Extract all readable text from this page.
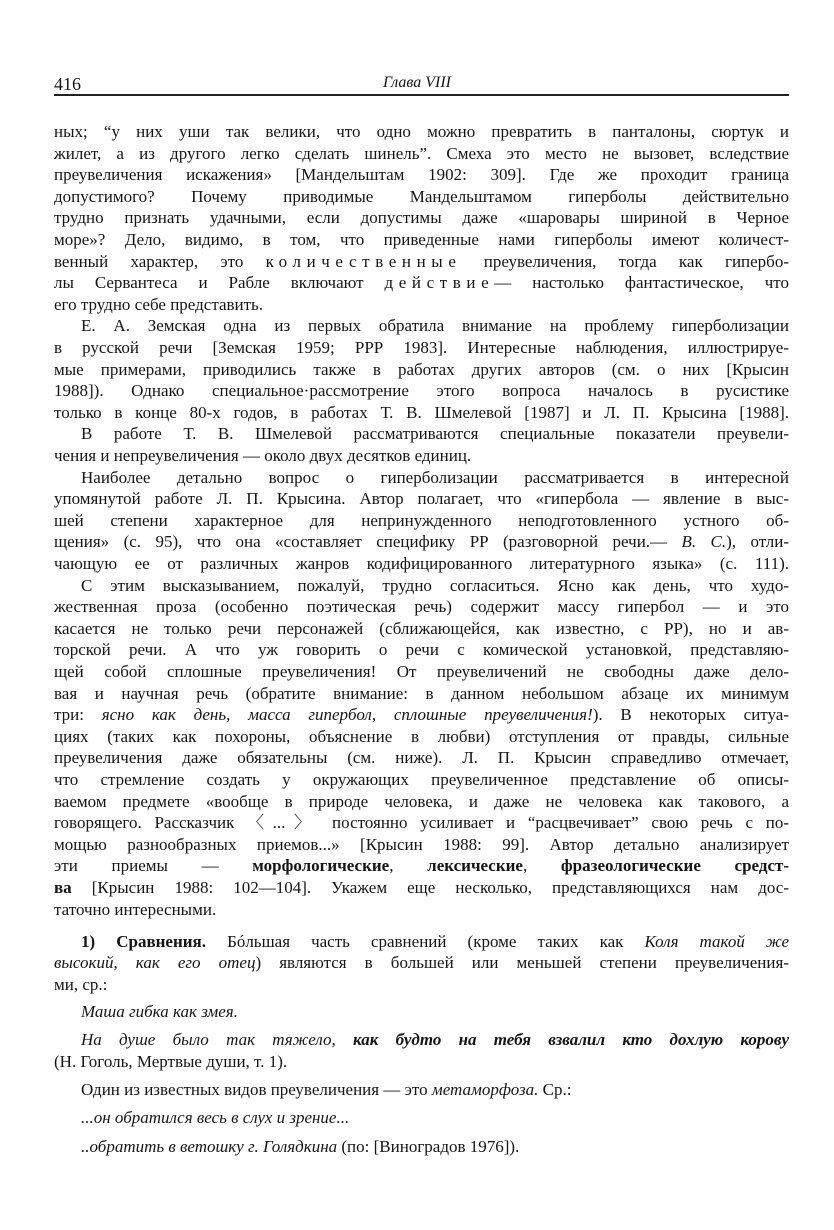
416	Глава VIII
ных; “у них уши так велики, что одно можно превратить в панталоны, сюртук и
жилет, а из другого легко сделать шинель”. Смеха это место не вызовет, вследствие
преувеличения искажения» [Мандельштам 1902: 309]. Где же проходит граница
допустимого? Почему приводимые Мандельштамом гиперболы действительно
трудно признать удачными, если допустимы даже «шаровары шириной в Черное
море»? Дело, видимо, в том, что приведенные нами гиперболы имеют количест-
венный характер, это количественные преувеличения, тогда как гипербо-
лы Сервантеса и Рабле включают действие— настолько фантастическое, что
его трудно себе представить.
Е. А. Земская одна из первых обратила внимание на проблему гиперболизации
в русской речи [Земская 1959; РРР 1983]. Интересные наблюдения, иллюстрируе-
мые примерами, приводились также в работах других авторов (см. о них [Крысин
1988]). Однако специальное·рассмотрение этого вопроса началось в русистике
только в конце 80-х годов, в работах Т. В. Шмелевой [1987] и Л. П. Крысина [1988].
В работе Т. В. Шмелевой рассматриваются специальные показатели преувели-
чения и непреувеличения — около двух десятков единиц.
Наиболее детально вопрос о гиперболизации рассматривается в интересной
упомянутой работе Л. П. Крысина. Автор полагает, что «гипербола — явление в выс-
шей степени характерное для непринужденного неподготовленного устного об-
щения» (с. 95), что она «составляет специфику РР (разговорной речи.— В. С.), отли-
чающую ее от различных жанров кодифицированного литературного языка» (с. 111).
С этим высказыванием, пожалуй, трудно согласиться. Ясно как день, что худо-
жественная проза (особенно поэтическая речь) содержит массу гипербол — и это
касается не только речи персонажей (сближающейся, как известно, с РР), но и ав-
торской речи. А что уж говорить о речи с комической установкой, представляю-
щей собой сплошные преувеличения! От преувеличений не свободны даже дело-
вая и научная речь (обратите внимание: в данном небольшом абзаце их минимум
три: ясно как день, масса гипербол, сплошные преувеличения!). В некоторых ситуа-
циях (таких как похороны, объяснение в любви) отступления от правды, сильные
преувеличения даже обязательны (см. ниже). Л. П. Крысин справедливо отмечает,
что стремление создать у окружающих преувеличенное представление об описы-
ваемом предмете «вообще в природе человека, и даже не человека как такового, а
говорящего. Рассказчик 〈...〉 постоянно усиливает и “расцвечивает” свою речь с по-
мощью разнообразных приемов...» [Крысин 1988: 99]. Автор детально анализирует
эти приемы — морфологические, лексические, фразеологические средст-
ва [Крысин 1988: 102—104]. Укажем еще несколько, представляющихся нам дос-
таточно интересными.
1) Сравнения. Бóльшая часть сравнений (кроме таких как Коля такой же
высокий, как его отец) являются в большей или меньшей степени преувеличения-
ми, ср.:
Маша гибка как змея.
На душе было так тяжело, как будто на тебя взвалил кто дохлую корову
(Н. Гоголь, Мертвые души, т. 1).
Один из известных видов преувеличения — это метаморфоза. Ср.:
...он обратился весь в слух и зрение...
..обратить в ветошку г. Голядкина (по: [Виноградов 1976]).
